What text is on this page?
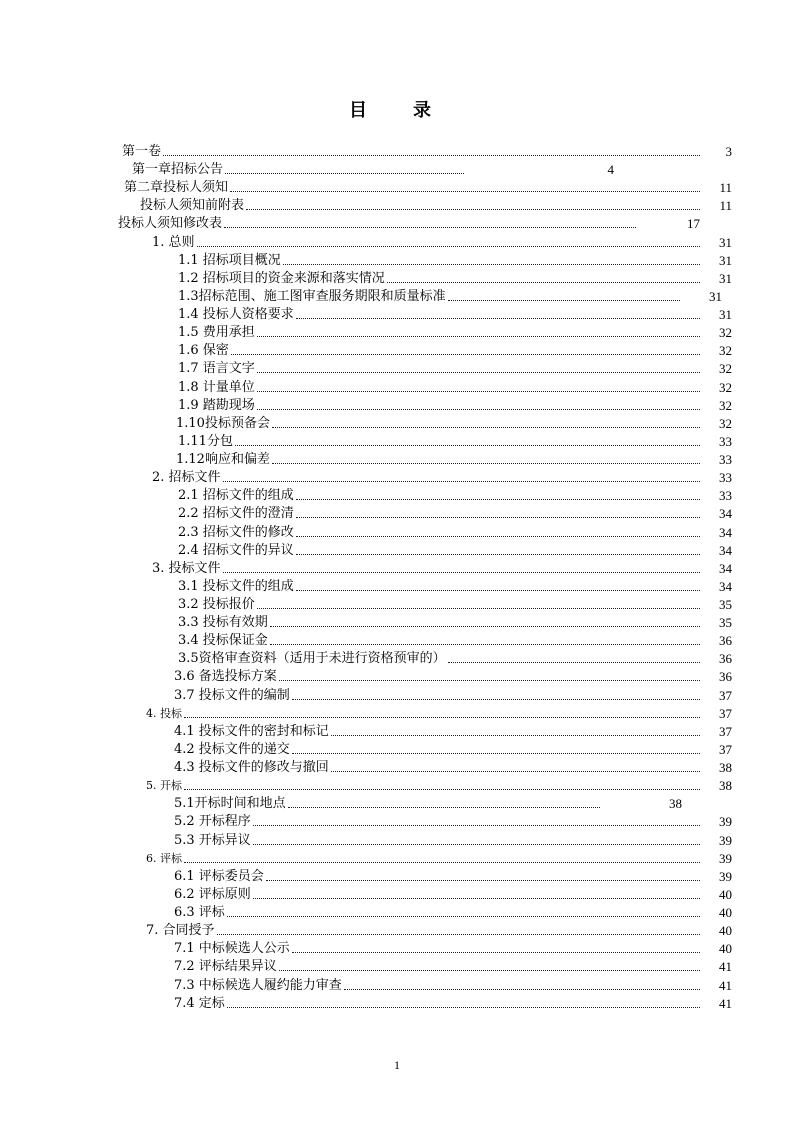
目　录
第一卷	3
第一章招标公告	4
第二章投标人须知	11
投标人须知前附表	11
投标人须知修改表	17
1. 总则	31
1.1 招标项目概况	31
1.2 招标项目的资金来源和落实情况	31
1.3招标范围、施工图审查服务期限和质量标准	31
1.4 投标人资格要求	31
1.5 费用承担	32
1.6 保密	32
1.7 语言文字	32
1.8 计量单位	32
1.9 踏勘现场	32
1.10投标预备会	32
1.11分包	33
1.12响应和偏差	33
2. 招标文件	33
2.1 招标文件的组成	33
2.2 招标文件的澄清	34
2.3 招标文件的修改	34
2.4 招标文件的异议	34
3. 投标文件	34
3.1 投标文件的组成	34
3.2 投标报价	35
3.3 投标有效期	35
3.4 投标保证金	36
3.5资格审查资料（适用于未进行资格预审的）	36
3.6 备选投标方案	36
3.7 投标文件的编制	37
4. 投标	37
4.1 投标文件的密封和标记	37
4.2 投标文件的递交	37
4.3 投标文件的修改与撤回	38
5. 开标	38
5.1开标时间和地点	38
5.2 开标程序	39
5.3 开标异议	39
6. 评标	39
6.1 评标委员会	39
6.2 评标原则	40
6.3 评标	40
7. 合同授予	40
7.1 中标候选人公示	40
7.2 评标结果异议	41
7.3 中标候选人履约能力审查	41
7.4 定标	41
1
